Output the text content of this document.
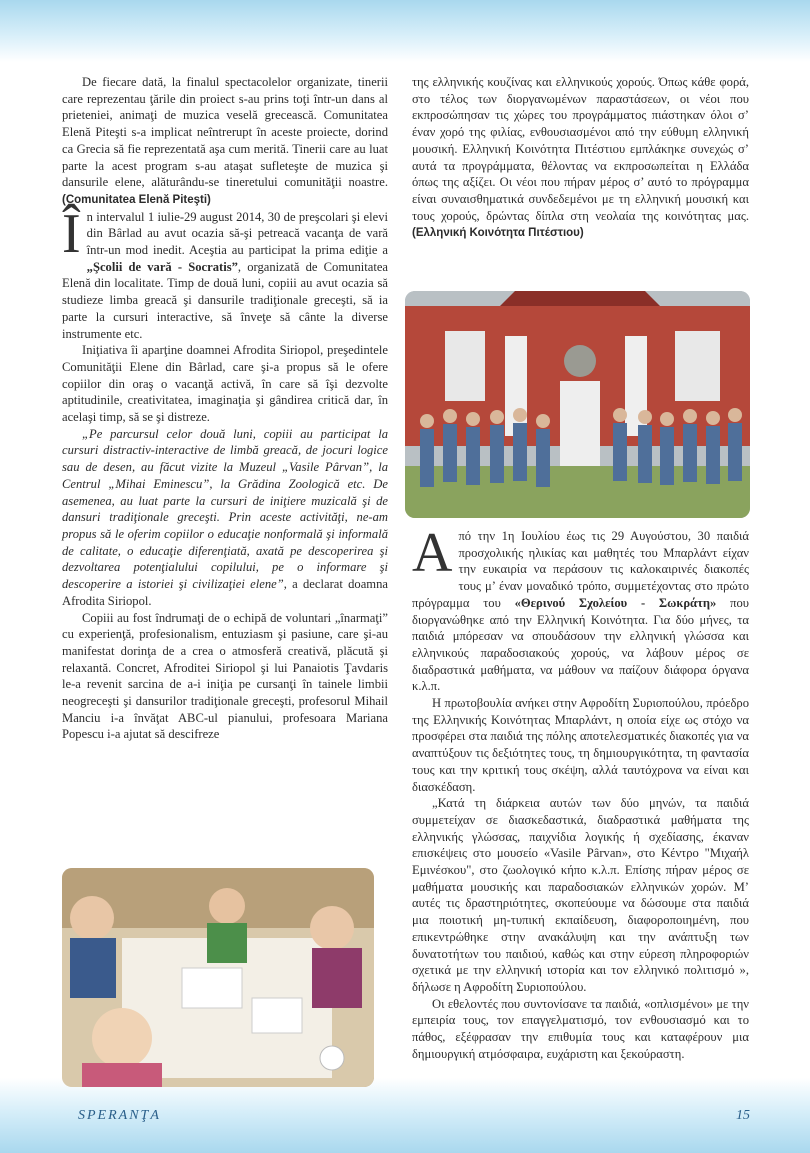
De fiecare dată, la finalul spectacolelor organizate, tinerii care reprezentau ţările din proiect s-au prins toţi într-un dans al prieteniei, animaţi de muzica veselă grecească. Comunitatea Elenă Piteşti s-a implicat neîntrerupt în aceste proiecte, dorind ca Grecia să fie reprezentată aşa cum merită. Tinerii care au luat parte la acest program s-au ataşat sufleteşte de muzica şi dansurile elene, alăturându-se tineretului comunităţii noastre. (Comunitatea Elenă Piteşti)

În intervalul 1 iulie-29 august 2014, 30 de preşcolari şi elevi din Bârlad au avut ocazia să-şi petreacă vacanţa de vară într-un mod inedit. Aceştia au participat la prima ediţie a „Şcolii de vară - Socratis”, organizată de Comunitatea Elenă din localitate. Timp de două luni, copiii au avut ocazia să studieze limba greacă şi dansurile tradiţionale greceşti, să ia parte la cursuri interactive, să înveţe să cânte la diverse instrumente etc.

Iniţiativa îi aparţine doamnei Afrodita Siriopol, preşedintele Comunităţii Elene din Bârlad, care şi-a propus să le ofere copiilor din oraş o vacanţă activă, în care să îşi dezvolte aptitudinile, creativitatea, imaginaţia şi gândirea critică dar, în acelaşi timp, să se şi distreze.

„Pe parcursul celor două luni, copiii au participat la cursuri distractiv-interactive de limbă greacă, de jocuri logice sau de desen, au făcut vizite la Muzeul „Vasile Pârvan”, la Centrul „Mihai Eminescu”, la Grădina Zoologică etc. De asemenea, au luat parte la cursuri de iniţiere muzicală şi de dansuri tradiţionale greceşti. Prin aceste activităţi, ne-am propus să le oferim copiilor o educaţie nonformală şi informală de calitate, o educaţie diferenţiată, axată pe descoperirea şi dezvoltarea potenţialului copilului, pe o informare şi descoperire a istoriei şi civilizaţiei elene”, a declarat doamna Afrodita Siriopol.

Copiii au fost îndrumaţi de o echipă de voluntari „înarmaţi” cu experienţă, profesionalism, entuziasm şi pasiune, care şi-au manifestat dorinţa de a crea o atmosferă creativă, plăcută şi relaxantă. Concret, Afroditei Siriopol şi lui Panaiotis Ţavdaris le-a revenit sarcina de a-i iniţia pe cursanţi în tainele limbii neogreceşti şi dansurilor tradiţionale greceşti, profesorul Mihail Manciu i-a învăţat ABC-ul pianului, profesoara Mariana Popescu i-a ajutat să descifreze

της ελληνικής κουζίνας και ελληνικούς χορούς. Όπως κάθε φορά, στο τέλος των διοργανωμένων παραστάσεων, οι νέοι που εκπροσώπησαν τις χώρες του προγράμματος πιάστηκαν όλοι σ’ έναν χορό της φιλίας, ενθουσιασμένοι από την εύθυμη ελληνική μουσική. Ελληνική Κοινότητα Πιτέστιου εμπλάκηκε συνεχώς σ’ αυτά τα προγράμματα, θέλοντας να εκπροσωπείται η Ελλάδα όπως της αξίζει. Οι νέοι που πήραν μέρος σ’ αυτό το πρόγραμμα είναι συναισθηματικά συνδεδεμένοι με τη ελληνική μουσική και τους χορούς, δρώντας δίπλα στη νεολαία της κοινότητας μας. (Ελληνική Κοινότητα Πιτέστιου)

Από την 1η Ιουλίου έως τις 29 Αυγούστου, 30 παιδιά προσχολικής ηλικίας και μαθητές του Μπαρλάντ είχαν την ευκαιρία να περάσουν τις καλοκαιρινές διακοπές τους μ’ έναν μοναδικό τρόπο, συμμετέχοντας στο πρώτο πρόγραμμα του «Θερινού Σχολείου - Σωκράτη» που διοργανώθηκε από την Ελληνική Κοινότητα. Για δύο μήνες, τα παιδιά μπόρεσαν να σπουδάσουν την ελληνική γλώσσα και ελληνικούς παραδοσιακούς χορούς, να λάβουν μέρος σε διαδραστικά μαθήματα, να μάθουν να παίζουν διάφορα όργανα κ.λ.π.

Η πρωτοβουλία ανήκει στην Αφροδίτη Συριοπούλου, πρόεδρο της Ελληνικής Κοινότητας Μπαρλάντ, η οποία είχε ως στόχο να προσφέρει στα παιδιά της πόλης αποτελεσματικές διακοπές για να αναπτύξουν τις δεξιότητες τους, τη δημιουργικότητα, τη φαντασία τους και την κριτική τους σκέψη, αλλά ταυτόχρονα να είναι και διασκέδαση.

„Κατά τη διάρκεια αυτών των δύο μηνών, τα παιδιά συμμετείχαν σε διασκεδαστικά, διαδραστικά μαθήματα της ελληνικής γλώσσας, παιχνίδια λογικής ή σχεδίασης, έκαναν επισκέψεις στο μουσείο «Vasile Pârvan», στο Κέντρο "Μιχαήλ Εμινέσκου", στο ζωολογικό κήπο κ.λ.π. Επίσης πήραν μέρος σε μαθήματα μουσικής και παραδοσιακών ελληνικών χορών. Μ’ αυτές τις δραστηριότητες, σκοπεύουμε να δώσουμε στα παιδιά μια ποιοτική μη-τυπική εκπαίδευση, διαφοροποιημένη, που επικεντρώθηκε στην ανακάλυψη και την ανάπτυξη των δυνατοτήτων του παιδιού, καθώς και στην εύρεση πληροφοριών σχετικά με την ελληνική ιστορία και τον ελληνικό πολιτισμό », δήλωσε η Αφροδίτη Συριοπούλου.

Οι εθελοντές που συντονίσανε τα παιδιά, «οπλισμένοι» με την εμπειρία τους, τον επαγγελματισμό, τον ενθουσιασμό και το πάθος, εξέφρασαν την επιθυμία τους και καταφέρουν μια δημιουργική ατμόσφαιρα, ευχάριστη και ξεκούραστη.

SPERANŢA	15
